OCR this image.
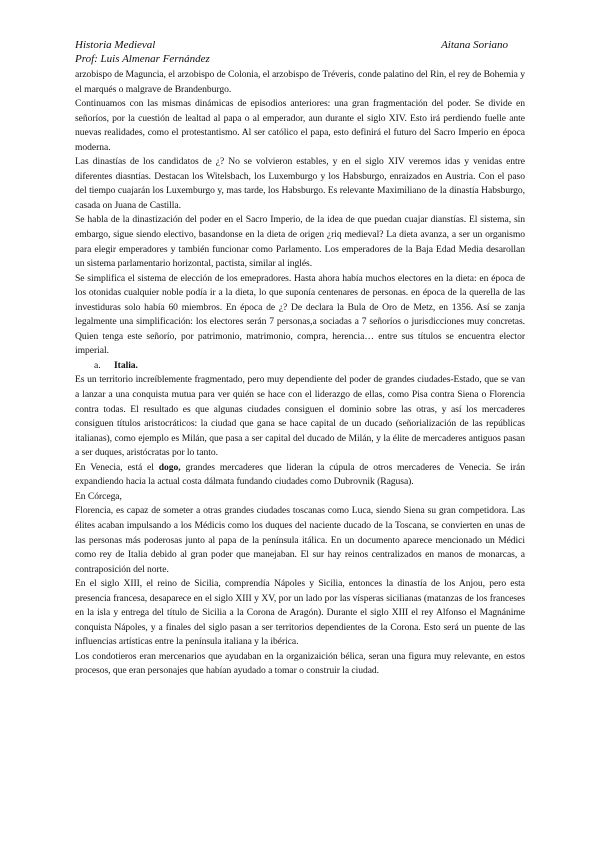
Historia Medieval	Aitana Soriano
Prof: Luis Almenar Fernández

arzobispo de Maguncia, el arzobispo de Colonia, el arzobispo de Tréveris, conde palatino del Rin, el rey de Bohemia y el marqués o malgrave de Brandenburgo.

Continuamos con las mismas dinámicas de episodios anteriores: una gran fragmentación del poder. Se divide en señoríos, por la cuestión de lealtad al papa o al emperador, aun durante el siglo XIV. Esto irá perdiendo fuelle ante nuevas realidades, como el protestantismo. Al ser católico el papa, esto definirá el futuro del Sacro Imperio en época moderna.

Las dinastías de los candidatos de ¿? No se volvieron estables, y en el siglo XIV veremos idas y venidas entre diferentes diasntías. Destacan los Witelsbach, los Luxemburgo y los Habsburgo, enraizados en Austria. Con el paso del tiempo cuajarán los Luxemburgo y, mas tarde, los Habsburgo. Es relevante Maximiliano de la dinastía Habsburgo, casada on Juana de Castilla.

Se habla de la dinastización del poder en el Sacro Imperio, de la idea de que puedan cuajar dianstías. El sistema, sin embargo, sigue siendo electivo, basandonse en la dieta de origen ¿riq medieval? La dieta avanza, a ser un organismo para elegir emperadores y también funcionar como Parlamento. Los emperadores de la Baja Edad Media desarollan un sistema parlamentario horizontal, pactista, similar al inglés.

Se simplifica el sistema de elección de los emepradores. Hasta ahora había muchos electores en la dieta: en época de los otonidas cualquier noble podía ir a la dieta, lo que suponía centenares de personas. en época de la querella de las investiduras solo había 60 miembros. En época de ¿? De declara la Bula de Oro de Metz, en 1356. Así se zanja legalmente una simplificación: los electores serán 7 personas,a sociadas a 7 señoríos o jurisdicciones muy concretas. Quien tenga este señorío, por patrimonio, matrimonio, compra, herencia… entre sus títulos se encuentra elector imperial.

a. Italia.

Es un territorio increíblemente fragmentado, pero muy dependiente del poder de grandes ciudades-Estado, que se van a lanzar a una conquista mutua para ver quién se hace con el liderazgo de ellas, como Pisa contra Siena o Florencia contra todas. El resultado es que algunas ciudades consiguen el dominio sobre las otras, y así los mercaderes consiguen títulos aristocráticos: la ciudad que gana se hace capital de un ducado (señorialización de las repúblicas italianas), como ejemplo es Milán, que pasa a ser capital del ducado de Milán, y la élite de mercaderes antiguos pasan a ser duques, aristócratas por lo tanto.

En Venecia, está el dogo, grandes mercaderes que lideran la cúpula de otros mercaderes de Venecia. Se irán expandiendo hacia la actual costa dálmata fundando ciudades como Dubrovnik (Ragusa).

En Córcega,

Florencia, es capaz de someter a otras grandes ciudades toscanas como Luca, siendo Siena su gran competidora. Las élites acaban impulsando a los Médicis como los duques del naciente ducado de la Toscana, se convierten en unas de las personas más poderosas junto al papa de la península itálica. En un documento aparece mencionado un Médici como rey de Italia debido al gran poder que manejaban. El sur hay reinos centralizados en manos de monarcas, a contraposición del norte.

En el siglo XIII, el reino de Sicilia, comprendía Nápoles y Sicilia, entonces la dinastía de los Anjou, pero esta presencia francesa, desaparece en el siglo XIII y XV, por un lado por las vísperas sicilianas (matanzas de los franceses en la isla y entrega del título de Sicilia a la Corona de Aragón). Durante el siglo XIII el rey Alfonso el Magnánime conquista Nápoles, y a finales del siglo pasan a ser territorios dependientes de la Corona. Esto será un puente de las influencias artísticas entre la península italiana y la ibérica.

Los condotieros eran mercenarios que ayudaban en la organizaición bélica, seran una figura muy relevante, en estos procesos, que eran personajes que habían ayudado a tomar o construir la ciudad.
